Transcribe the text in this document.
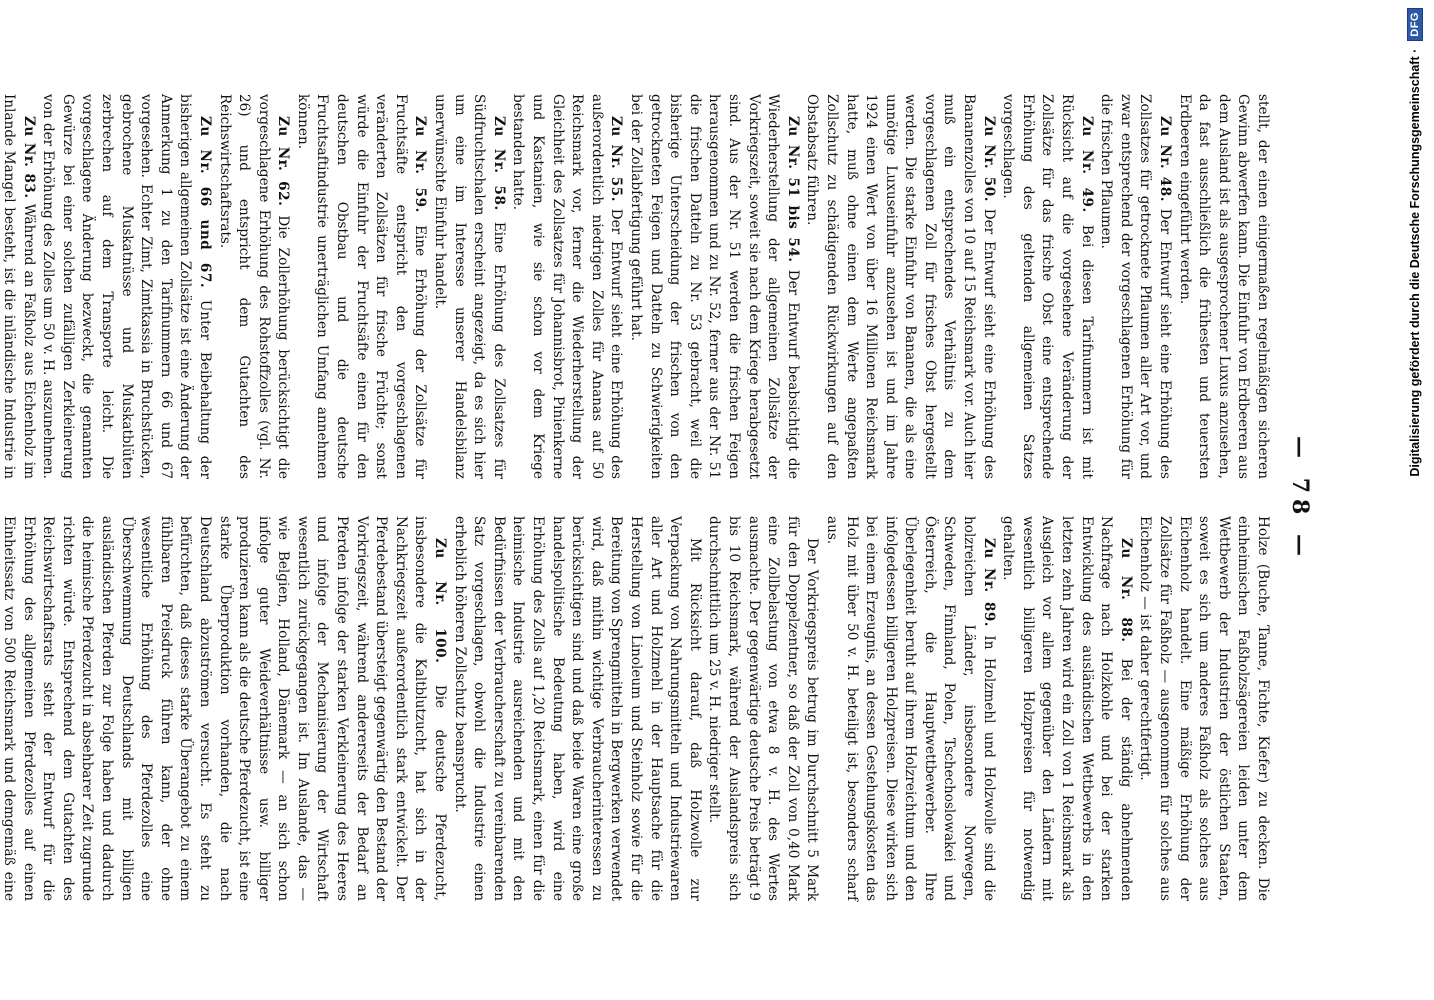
— 78 —

stellt, der einen einigermaßen regelmäßigen sicheren Gewinn abwerfen kann. Die Einfuhr von Erdbeeren aus dem Ausland ist als ausgesprochener Luxus anzusehen, da fast ausschließlich die frühesten und teuersten Erdbeeren eingeführt werden.

Zu Nr. 48. Der Entwurf sieht eine Erhöhung des Zollsatzes für getrocknete Pflaumen aller Art vor, und zwar entsprechend der vorgeschlagenen Erhöhung für die frischen Pflaumen.

Zu Nr. 49. Bei diesen Tarifnummern ist mit Rücksicht auf die vorgesehene Veränderung der Zollsätze für das frische Obst eine entsprechende Erhöhung des geltenden allgemeinen Satzes vorgeschlagen.

Zu Nr. 50. Der Entwurf sieht eine Erhöhung des Bananenzolles von 10 auf 15 Reichsmark vor. Auch hier muß ein entsprechendes Verhältnis zu dem vorgeschlagenen Zoll für frisches Obst hergestellt werden. Die starke Einfuhr von Bananen, die als eine unnötige Luxuseinfuhr anzusehen ist und im Jahre 1924 einen Wert von über 16 Millionen Reichsmark hatte, muß ohne einen dem Werte angepaßten Zollschutz zu schädigenden Rückwirkungen auf den Obstabsatz führen.

Zu Nr. 51 bis 54. Der Entwurf beabsichtigt die Wiederherstellung der allgemeinen Zollsätze der Vorkriegszeit, soweit sie nach dem Kriege herabgesetzt sind. Aus der Nr. 51 werden die frischen Feigen herausgenommen und zu Nr. 52, ferner aus der Nr. 51 die frischen Datteln zu Nr. 53 gebracht, weil die bisherige Unterscheidung der frischen von den getrockneten Feigen und Datteln zu Schwierigkeiten bei der Zollabfertigung geführt hat.

Zu Nr. 55. Der Entwurf sieht eine Erhöhung des außerordentlich niedrigen Zolles für Ananas auf 50 Reichsmark vor, ferner die Wiederherstellung der Gleichheit des Zollsatzes für Johannisbrot, Pinienkerne und Kastanien, wie sie schon vor dem Kriege bestanden hatte.

Zu Nr. 58. Eine Erhöhung des Zollsatzes für Südfruchtschalen erscheint angezeigt, da es sich hier um eine im Interesse unserer Handelsbilanz unerwünschte Einfuhr handelt.

Zu Nr. 59. Eine Erhöhung der Zollsätze für Fruchtsäfte entspricht den vorgeschlagenen veränderten Zollsätzen für frische Früchte; sonst würde die Einfuhr der Fruchtsäfte einen für den deutschen Obstbau und die deutsche Fruchtsaftindustrie unerträglichen Umfang annehmen können.

Zu Nr. 62. Die Zollerhöhung berücksichtigt die vorgeschlagene Erhöhung des Rohstoffzolles (vgl. Nr. 26) und entspricht dem Gutachten des Reichswirtschaftsrats.

Zu Nr. 66 und 67. Unter Beibehaltung der bisherigen allgemeinen Zollsätze ist eine Änderung der Anmerkung 1 zu den Tarifnummern 66 und 67 vorgesehen. Echter Zimt, Zimtkassia in Bruchstücken, gebrochene Muskatnüsse und Muskatblüten zerbrechen auf dem Transporte leicht. Die vorgeschlagene Änderung bezweckt, die genannten Gewürze bei einer solchen zufälligen Zerkleinerung von der Erhöhung des Zolles um 50 v. H. auszunehmen.

Zu Nr. 83. Während an Faßholz aus Eichenholz im Inlande Mangel besteht, ist die inländische Industrie in

Holze (Buche, Tanne, Fichte, Kiefer) zu decken. Die einheimischen Faßholzsägereien leiden unter dem Wettbewerb der Industrien der östlichen Staaten, soweit es sich um anderes Faßholz als solches aus Eichenholz handelt. Eine mäßige Erhöhung der Zollsätze für Faßholz — ausgenommen für solches aus Eichenholz — ist daher gerechtfertigt.

Zu Nr. 88. Bei der ständig abnehmenden Nachfrage nach Holzkohle und bei der starken Entwicklung des ausländischen Wettbewerbs in den letzten zehn Jahren wird ein Zoll von 1 Reichsmark als Ausgleich vor allem gegenüber den Ländern mit wesentlich billigeren Holzpreisen für notwendig gehalten.

Zu Nr. 89. In Holzmehl und Holzwolle sind die holzreichen Länder, insbesondere Norwegen, Schweden, Finnland, Polen, Tschechoslowakei und Österreich, die Hauptwettbewerber. Ihre Überlegenheit beruht auf ihrem Holzreichtum und den infolgedessen billigeren Holzpreisen. Diese wirken sich bei einem Erzeugnis, an dessen Gestehungskosten das Holz mit über 50 v. H. beteiligt ist, besonders scharf aus.

Der Vorkriegspreis betrug im Durchschnitt 5 Mark für den Doppelzentner, so daß der Zoll von 0,40 Mark eine Zollbelastung von etwa 8 v. H. des Wertes ausmachte. Der gegenwärtige deutsche Preis beträgt 9 bis 10 Reichsmark, während der Auslandspreis sich durchschnittlich um 25 v. H. niedriger stellt.

Mit Rücksicht darauf, daß Holzwolle zur Verpackung von Nahrungsmitteln und Industriewaren aller Art und Holzmehl in der Hauptsache für die Herstellung von Linoleum und Steinholz sowie für die Bereitung von Sprengmitteln in Bergwerken verwendet wird, daß mithin wichtige Verbraucherinteressen zu berücksichtigen sind und daß beide Waren eine große handelspolitische Bedeutung haben, wird eine Erhöhung des Zolls auf 1,20 Reichsmark, einen für die heimische Industrie ausreichenden und mit den Bedürfnissen der Verbraucherschaft zu vereinbarenden Satz vorgeschlagen, obwohl die Industrie einen erheblich höheren Zollschutz beansprucht.

Zu Nr. 100. Die deutsche Pferdezucht, insbesondere die Kaltblutzucht, hat sich in der Nachkriegszeit außerordentlich stark entwickelt. Der Pferdebestand übersteigt gegenwärtig den Bestand der Vorkriegszeit, während andererseits der Bedarf an Pferden infolge der starken Verkleinerung des Heeres und infolge der Mechanisierung der Wirtschaft wesentlich zurückgegangen ist. Im Auslande, das — wie Belgien, Holland, Dänemark — an sich schon infolge guter Weideverhältnisse usw. billiger produzieren kann als die deutsche Pferdezucht, ist eine starke Überproduktion vorhanden, die nach Deutschland abzuströmen versucht. Es steht zu befürchten, daß dieses starke Überangebot zu einem fühlbaren Preisdruck führen kann, der ohne wesentliche Erhöhung des Pferdezolles eine Überschwemmung Deutschlands mit billigen ausländischen Pferden zur Folge haben und dadurch die heimische Pferdezucht in absehbarer Zeit zugrunde richten würde. Entsprechend dem Gutachten des Reichswirtschaftsrats steht der Entwurf für die Erhöhung des allgemeinen Pferdezolles auf einen Einheitssatz von 500 Reichsmark und demgemäß eine

Digitalisierung gefördert durch die Deutsche Forschungsgemeinschaft ·
DFG
